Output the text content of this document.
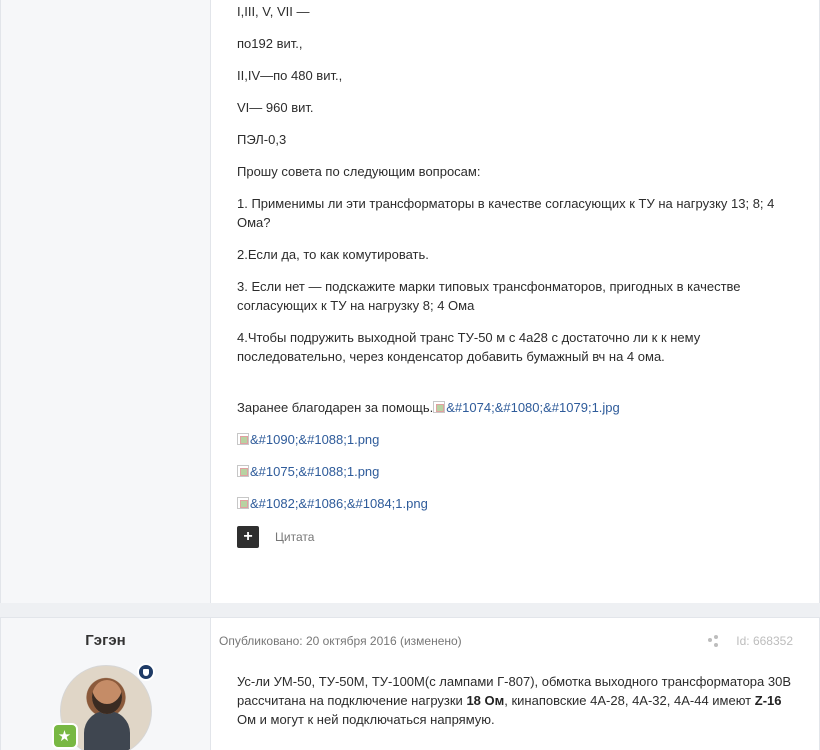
I,III, V, VII —

по192 вит.,

II,IV—по 480 вит.,

VI— 960 вит.

ПЭЛ-0,3

Прошу совета по следующим вопросам:

1. Применимы ли эти трансформаторы в качестве согласующих к ТУ на нагрузку 13; 8; 4 Ома?

2.Если да, то как комутировать.

3. Если нет — подскажите марки типовых трансфонматоров, пригодных в качестве согласующих к ТУ на нагрузку 8; 4 Ома

4.Чтобы подружить выходной транс ТУ-50 м с 4а28 с достаточно ли к к нему последовательно, через конденсатор добавить бумажный вч на 4 ома.

Заранее благодарен за помощь. &#1074;&#1080;&#1079;1.jpg

&#1090;&#1088;1.png

&#1075;&#1088;1.png

&#1082;&#1086;&#1084;1.png

+	Цитата
Гэгэн
★
Опубликовано: 20 октября 2016 (изменено)	Id: 668352
Ус-ли УМ-50, ТУ-50М, ТУ-100М(с лампами Г-807), обмотка выходного трансформатора 30В рассчитана на подключение нагрузки 18 Ом, кинаповские 4А-28, 4А-32, 4А-44 имеют Z-16 Ом и могут к ней подключаться напрямую.
